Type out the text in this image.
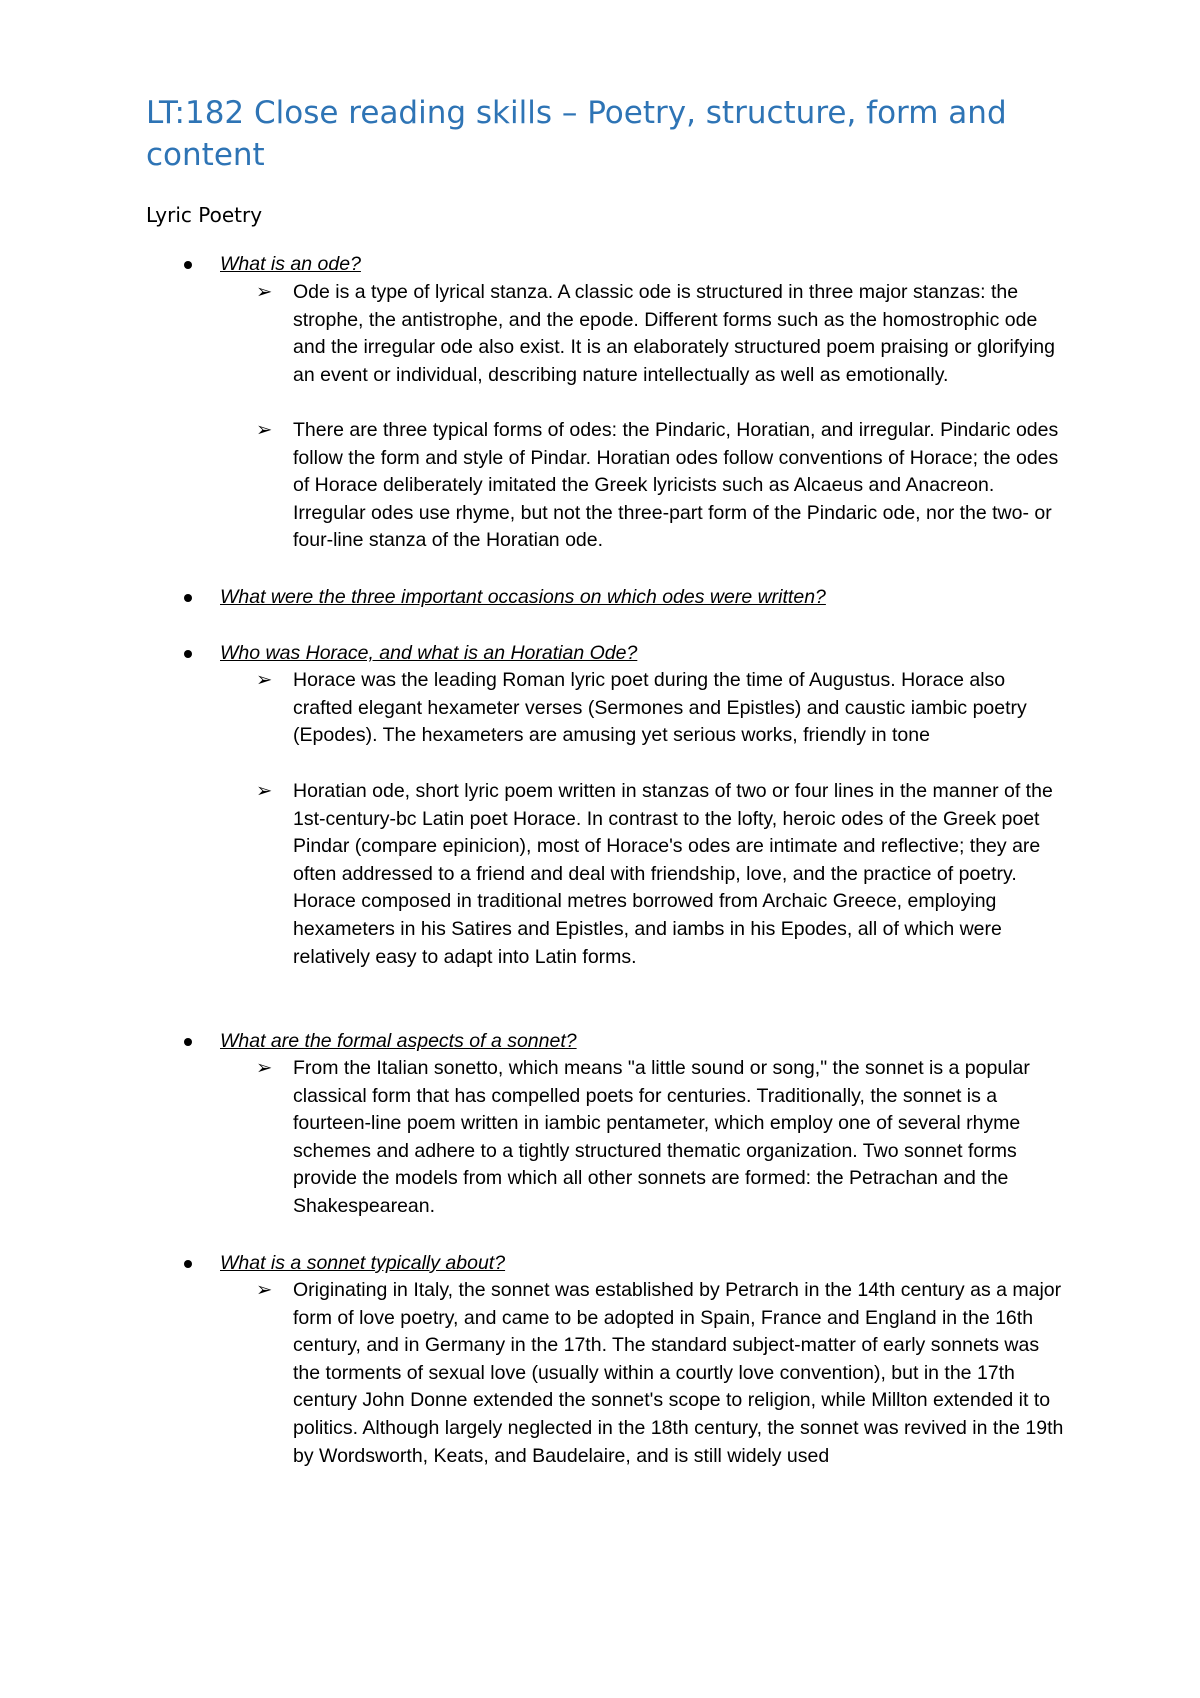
LT:182 Close reading skills – Poetry, structure, form and content
Lyric Poetry
What is an ode?
➢ Ode is a type of lyrical stanza. A classic ode is structured in three major stanzas: the strophe, the antistrophe, and the epode. Different forms such as the homostrophic ode and the irregular ode also exist. It is an elaborately structured poem praising or glorifying an event or individual, describing nature intellectually as well as emotionally.

➢ There are three typical forms of odes: the Pindaric, Horatian, and irregular. Pindaric odes follow the form and style of Pindar. Horatian odes follow conventions of Horace; the odes of Horace deliberately imitated the Greek lyricists such as Alcaeus and Anacreon. Irregular odes use rhyme, but not the three-part form of the Pindaric ode, nor the two- or four-line stanza of the Horatian ode.

What were the three important occasions on which odes were written?
Who was Horace, and what is an Horatian Ode?
➢ Horace was the leading Roman lyric poet during the time of Augustus. Horace also crafted elegant hexameter verses (Sermones and Epistles) and caustic iambic poetry (Epodes). The hexameters are amusing yet serious works, friendly in tone

➢ Horatian ode, short lyric poem written in stanzas of two or four lines in the manner of the 1st-century-bc Latin poet Horace. In contrast to the lofty, heroic odes of the Greek poet Pindar (compare epinicion), most of Horace's odes are intimate and reflective; they are often addressed to a friend and deal with friendship, love, and the practice of poetry. Horace composed in traditional metres borrowed from Archaic Greece, employing hexameters in his Satires and Epistles, and iambs in his Epodes, all of which were relatively easy to adapt into Latin forms.

What are the formal aspects of a sonnet?
➢ From the Italian sonetto, which means "a little sound or song," the sonnet is a popular classical form that has compelled poets for centuries. Traditionally, the sonnet is a fourteen-line poem written in iambic pentameter, which employ one of several rhyme schemes and adhere to a tightly structured thematic organization. Two sonnet forms provide the models from which all other sonnets are formed: the Petrachan and the Shakespearean.

What is a sonnet typically about?
➢ Originating in Italy, the sonnet was established by Petrarch in the 14th century as a major form of love poetry, and came to be adopted in Spain, France and England in the 16th century, and in Germany in the 17th. The standard subject-matter of early sonnets was the torments of sexual love (usually within a courtly love convention), but in the 17th century John Donne extended the sonnet's scope to religion, while Millton extended it to politics. Although largely neglected in the 18th century, the sonnet was revived in the 19th by Wordsworth, Keats, and Baudelaire, and is still widely used
